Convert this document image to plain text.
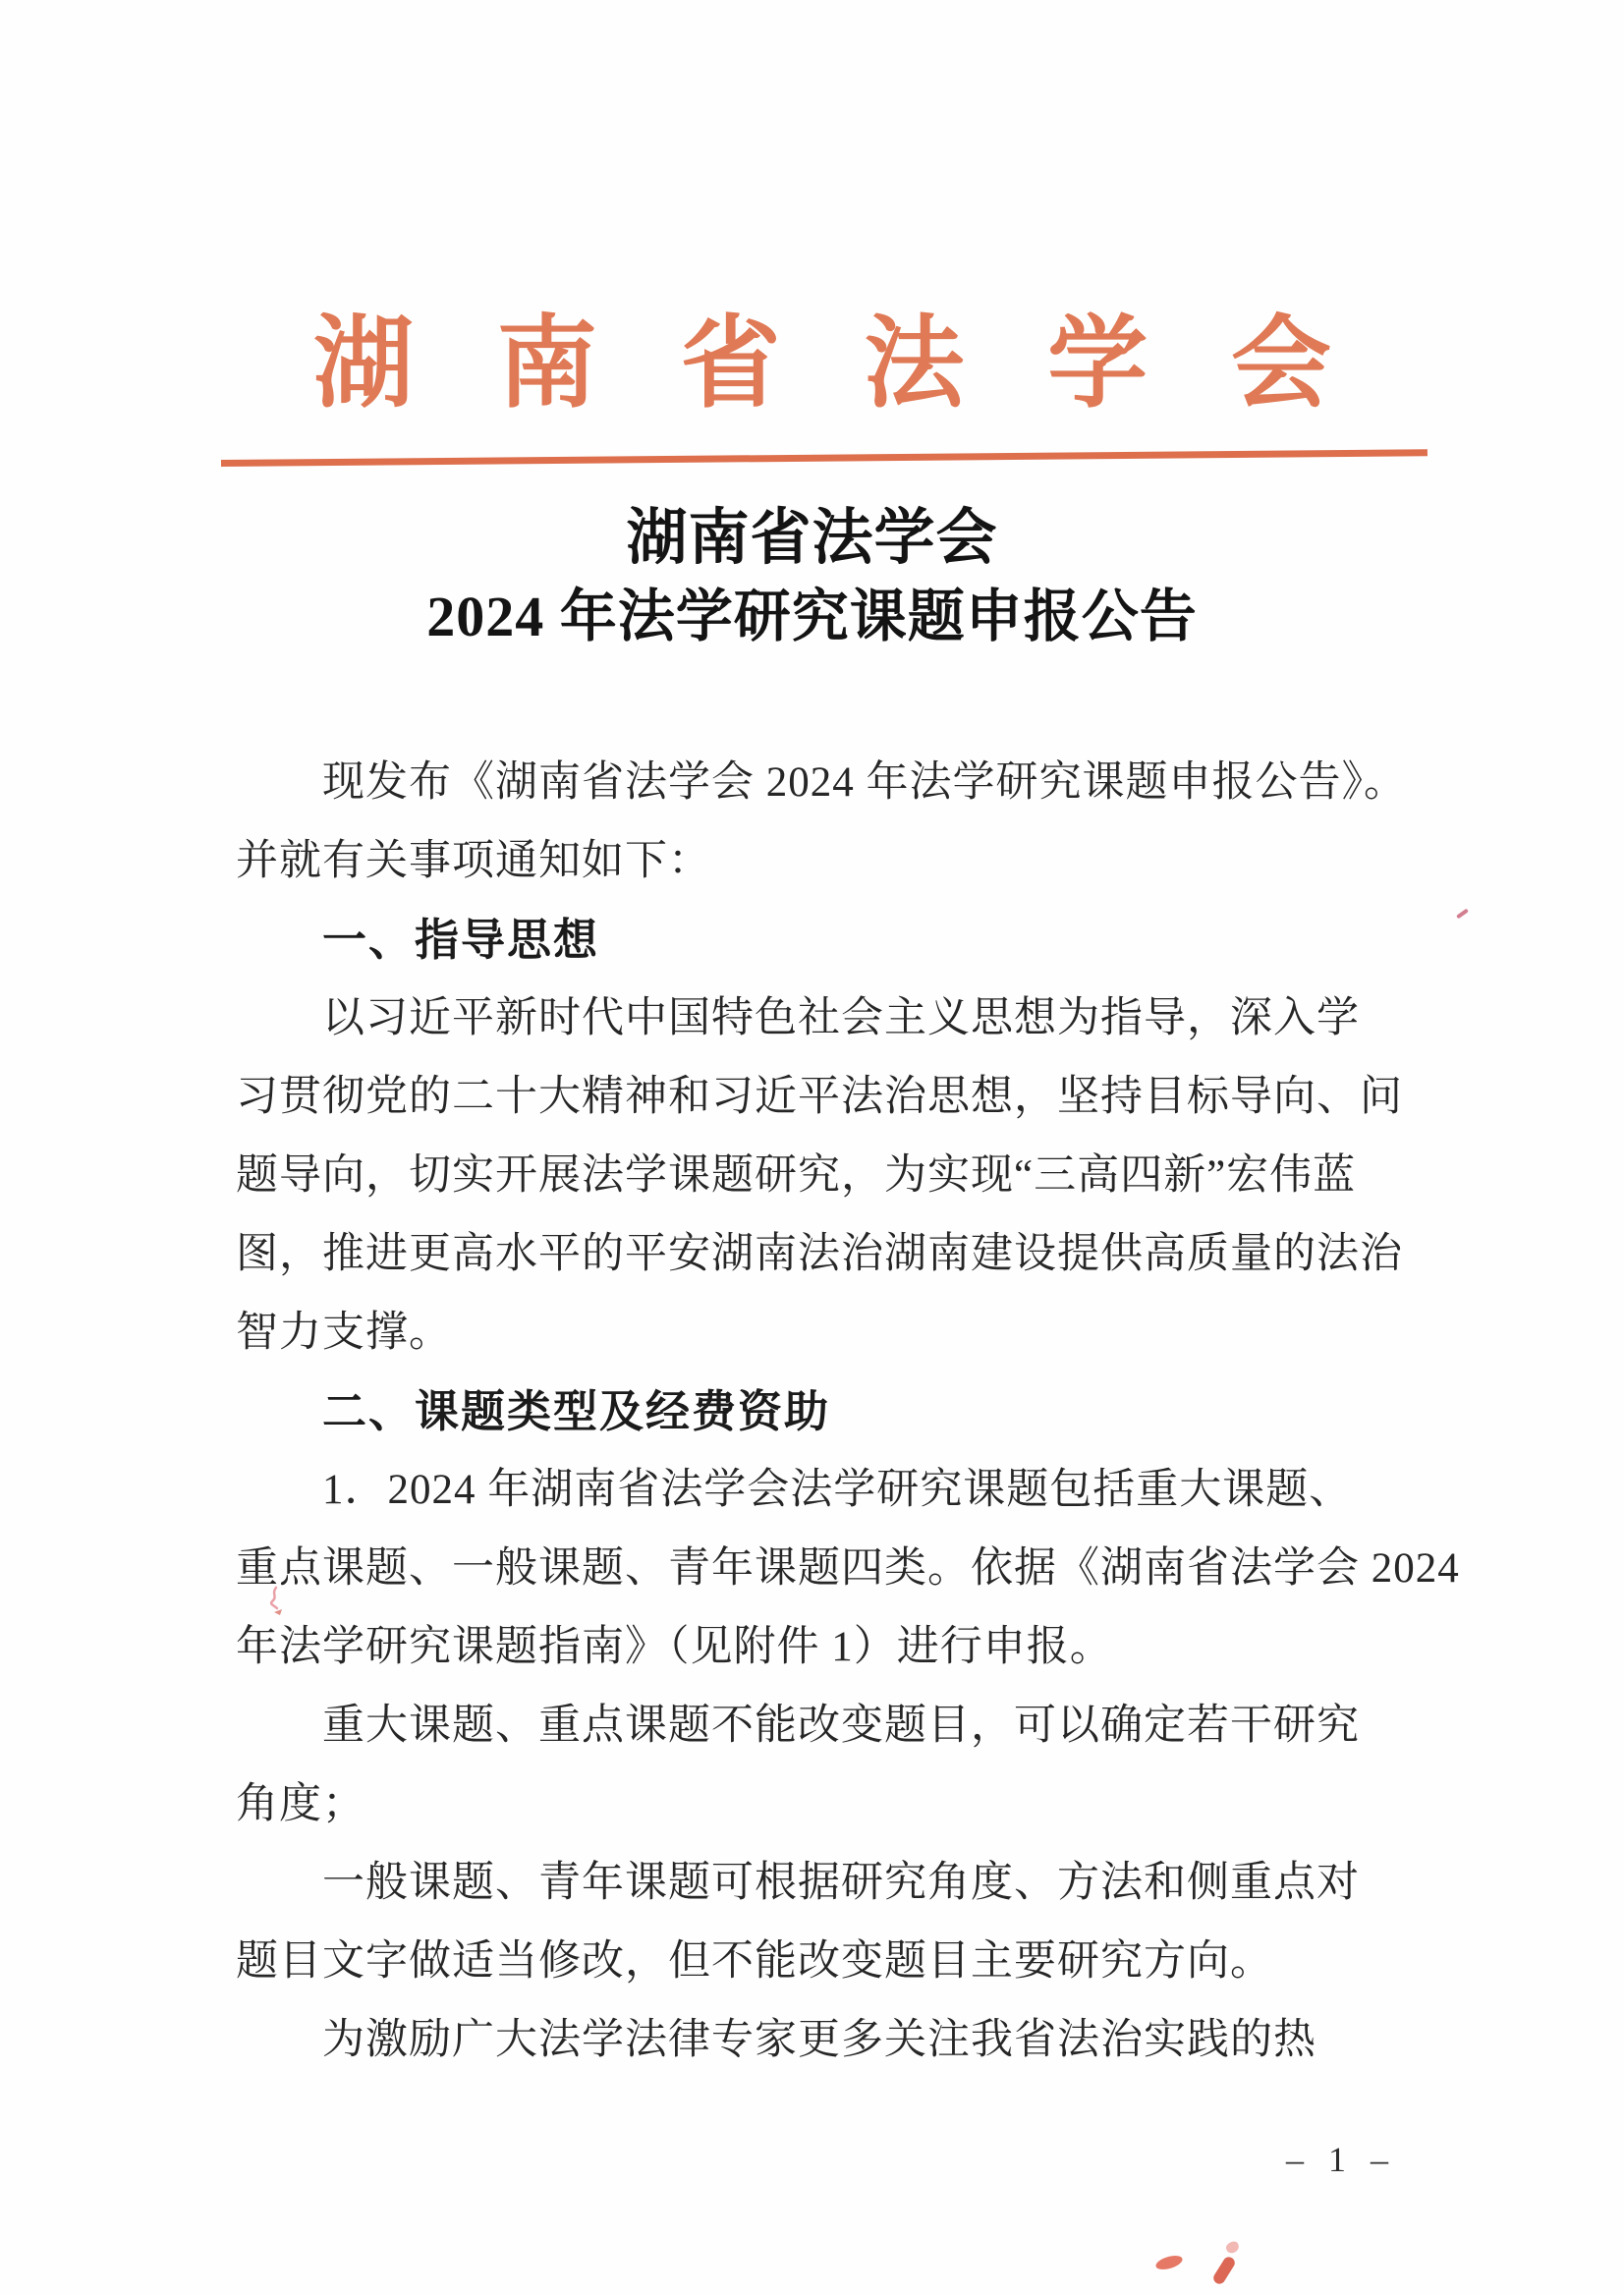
湖 南 省 法 学 会
湖南省法学会
2024 年法学研究课题申报公告
现发布《湖南省法学会 2024 年法学研究课题申报公告》。
并就有关事项通知如下：
一、指导思想
以习近平新时代中国特色社会主义思想为指导，深入学
习贯彻党的二十大精神和习近平法治思想，坚持目标导向、问
题导向，切实开展法学课题研究，为实现“三高四新”宏伟蓝
图，推进更高水平的平安湖南法治湖南建设提供高质量的法治
智力支撑。
二、课题类型及经费资助
1．2024 年湖南省法学会法学研究课题包括重大课题、
重点课题、一般课题、青年课题四类。依据《湖南省法学会 2024
年法学研究课题指南》（见附件 1）进行申报。
重大课题、重点课题不能改变题目，可以确定若干研究
角度；
一般课题、青年课题可根据研究角度、方法和侧重点对
题目文字做适当修改，但不能改变题目主要研究方向。
为激励广大法学法律专家更多关注我省法治实践的热
– 1 –
